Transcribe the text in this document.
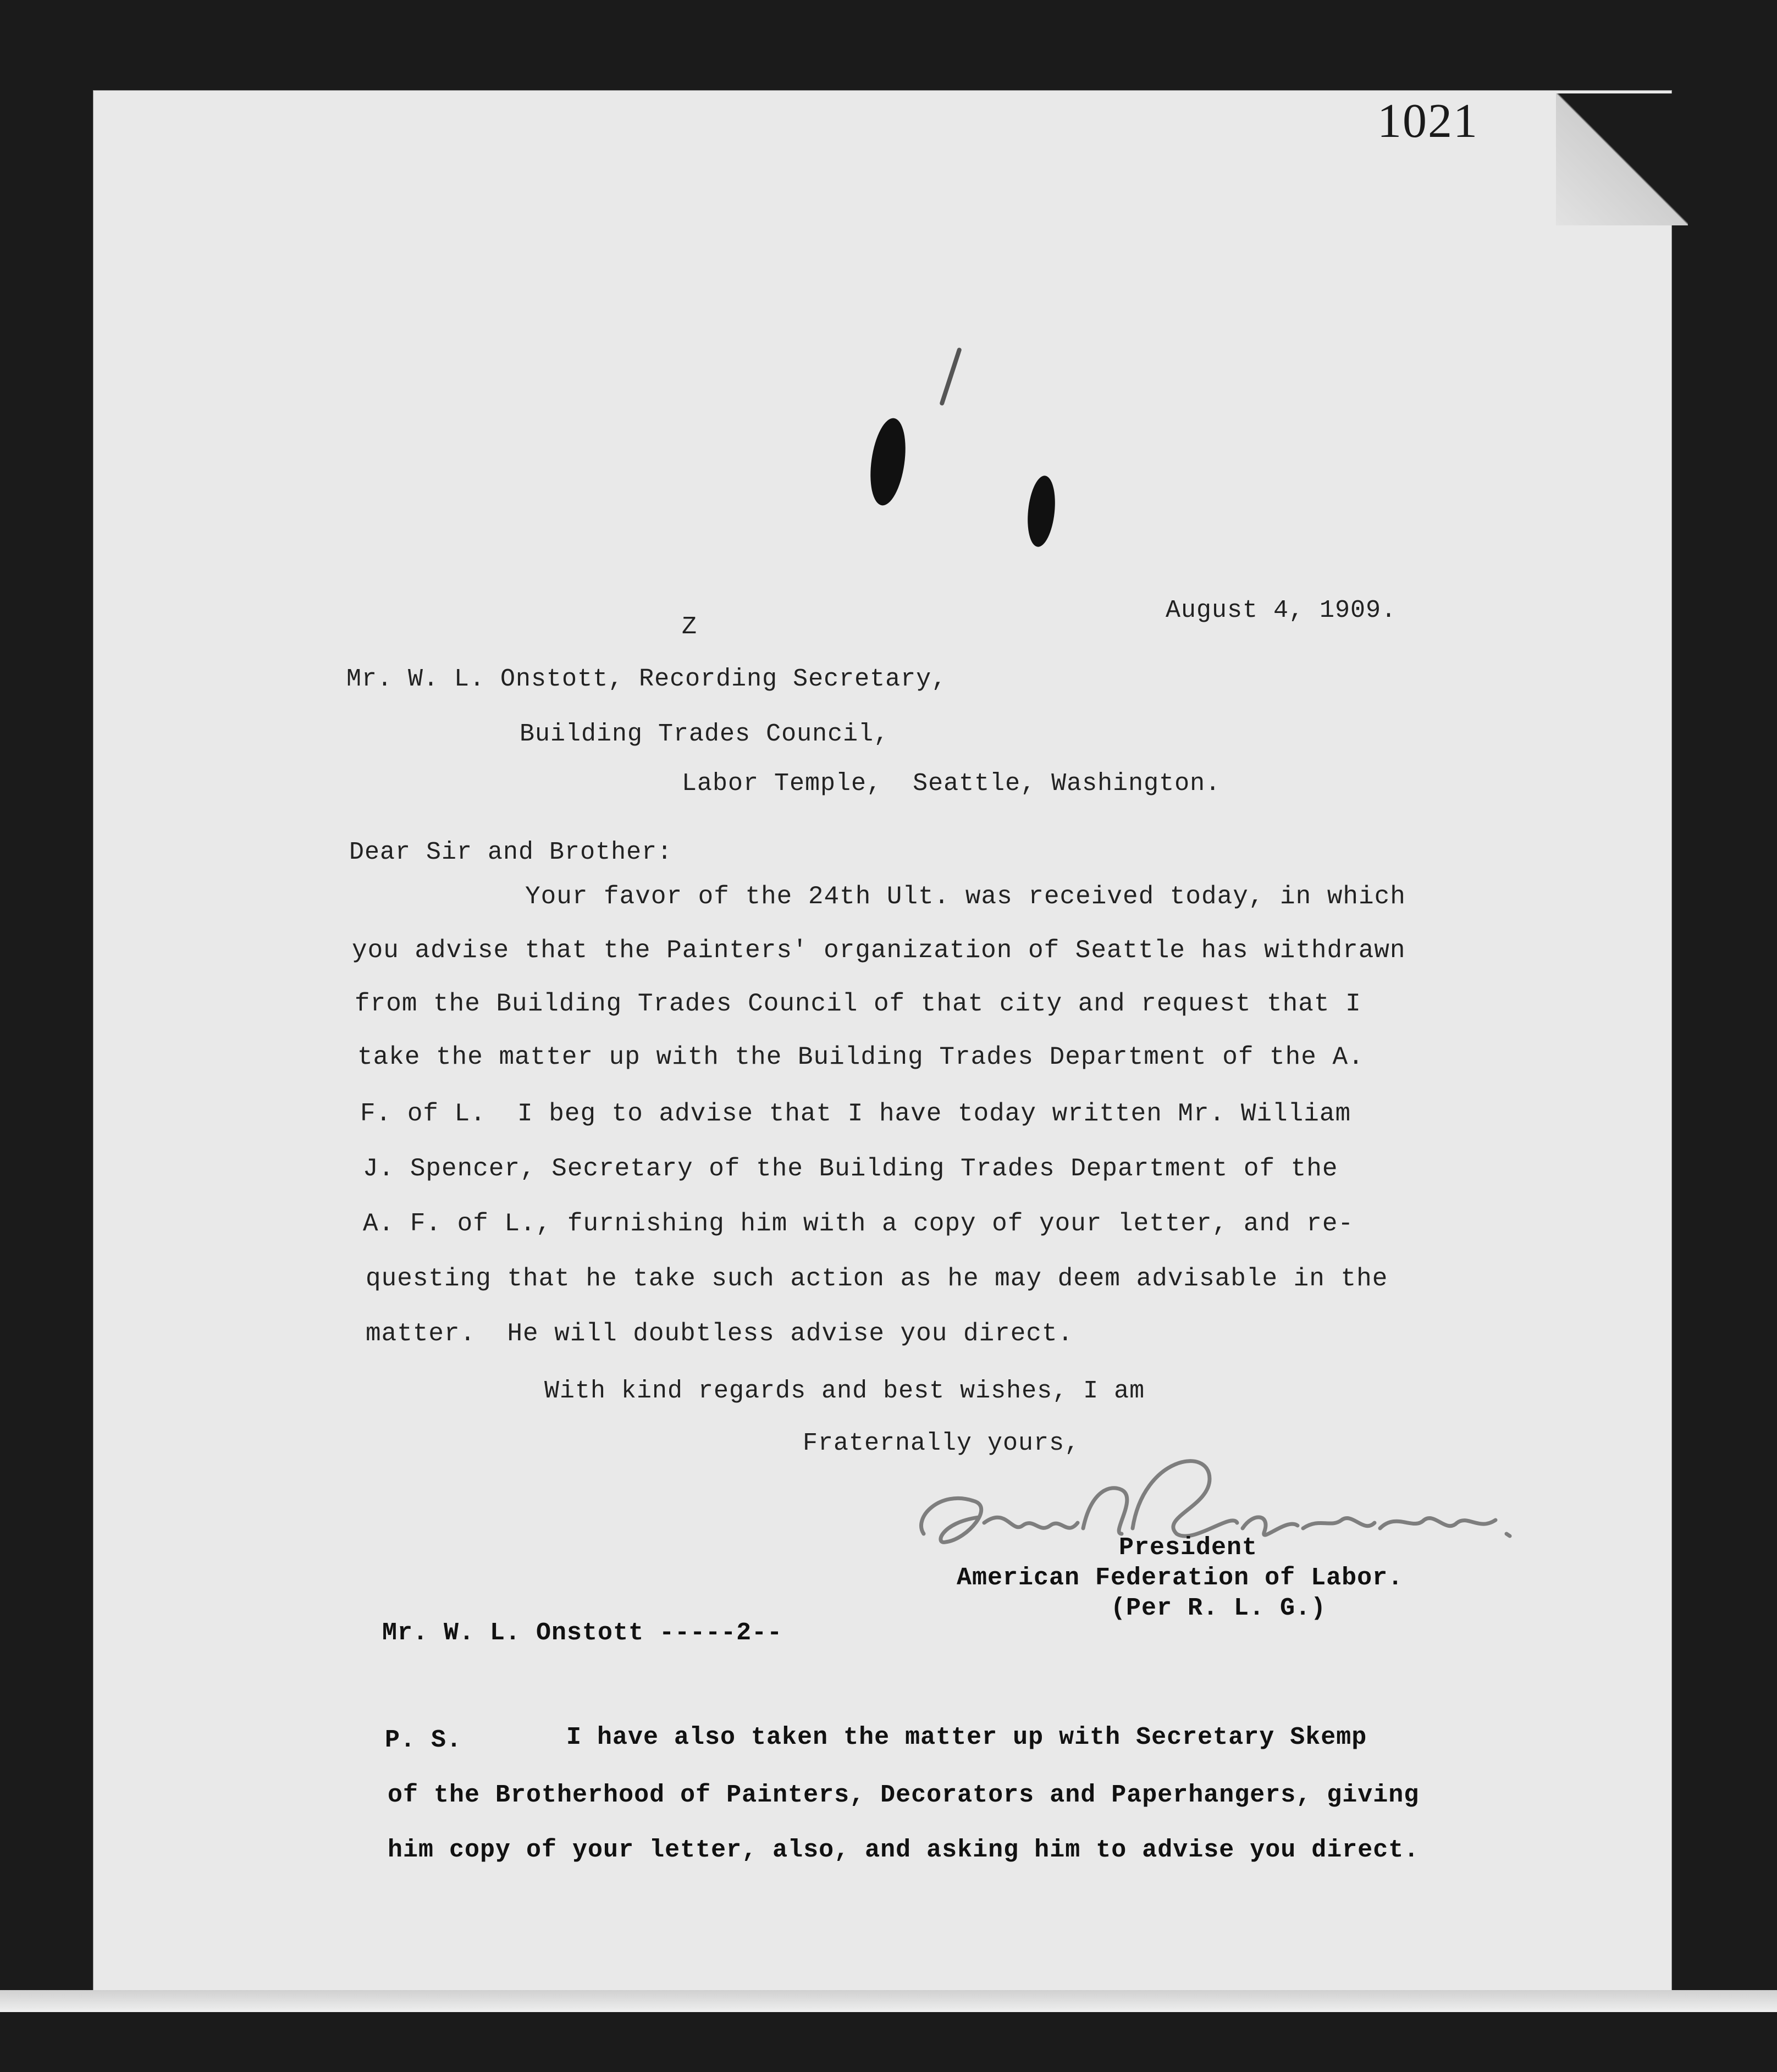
1021
Z
August 4, 1909.
Mr. W. L. Onstott, Recording Secretary,
Building Trades Council,
Labor Temple,  Seattle, Washington.
Dear Sir and Brother:
Your favor of the 24th Ult. was received today, in which
you advise that the Painters' organization of Seattle has withdrawn
from the Building Trades Council of that city and request that I
take the matter up with the Building Trades Department of the A.
F. of L.  I beg to advise that I have today written Mr. William
J. Spencer, Secretary of the Building Trades Department of the
A. F. of L., furnishing him with a copy of your letter, and re-
questing that he take such action as he may deem advisable in the
matter.  He will doubtless advise you direct.
With kind regards and best wishes, I am
Fraternally yours,
President
American Federation of Labor.
(Per R. L. G.)
Mr. W. L. Onstott -----2--
P. S.	I have also taken the matter up with Secretary Skemp
of the Brotherhood of Painters, Decorators and Paperhangers, giving
him copy of your letter, also, and asking him to advise you direct.
